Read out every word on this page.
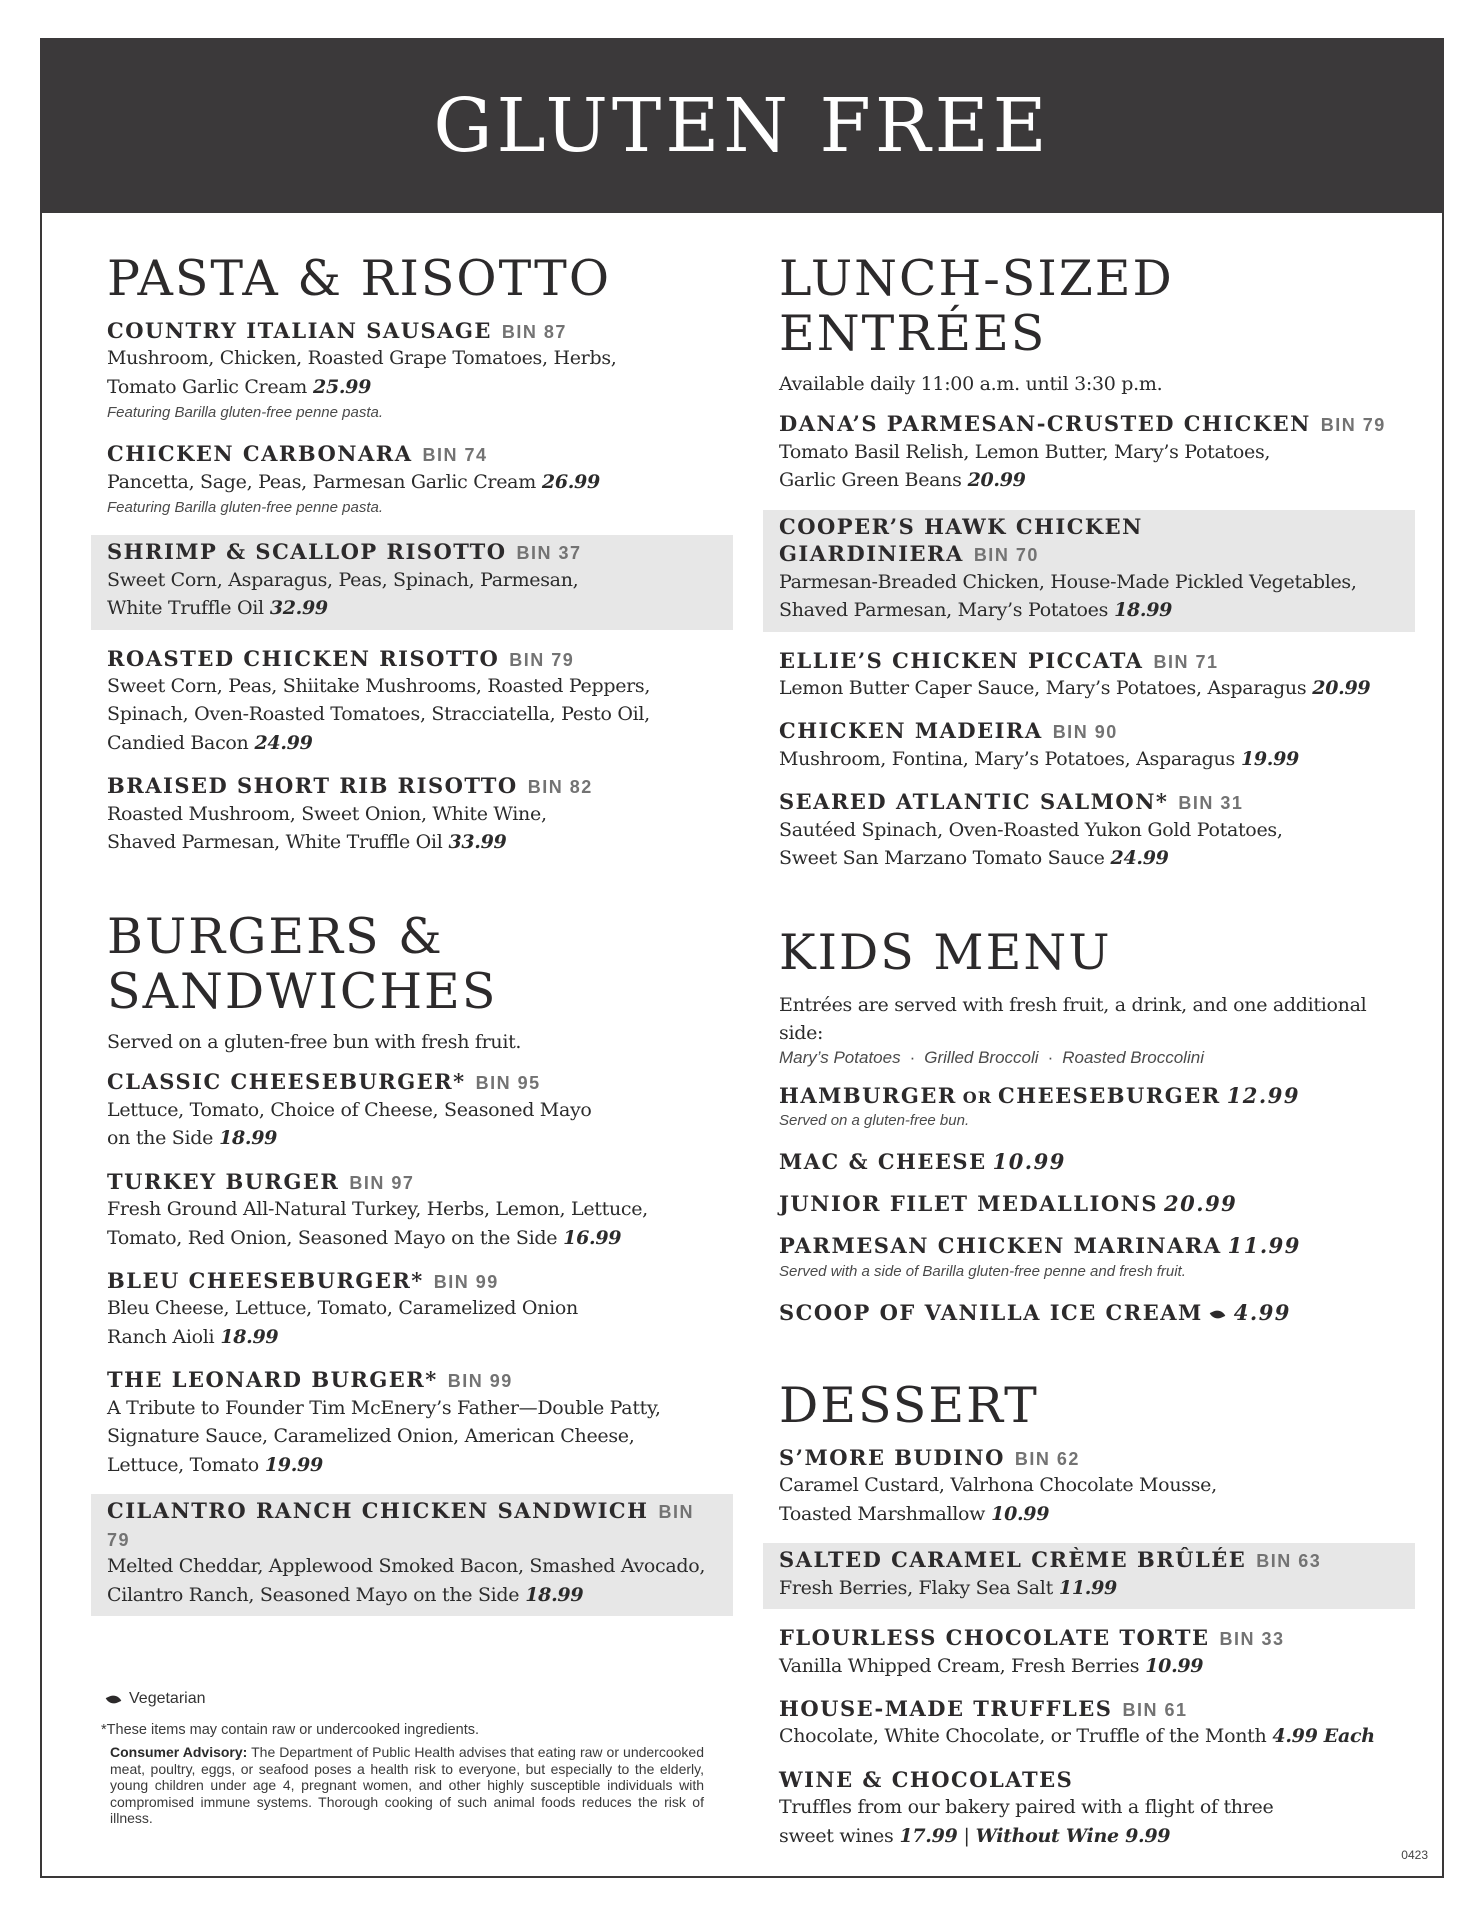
GLUTEN FREE
PASTA & RISOTTO
COUNTRY ITALIAN SAUSAGE BIN 87
Mushroom, Chicken, Roasted Grape Tomatoes, Herbs,
Tomato Garlic Cream 25.99
Featuring Barilla gluten-free penne pasta.
CHICKEN CARBONARA BIN 74
Pancetta, Sage, Peas, Parmesan Garlic Cream 26.99
Featuring Barilla gluten-free penne pasta.
SHRIMP & SCALLOP RISOTTO BIN 37
Sweet Corn, Asparagus, Peas, Spinach, Parmesan,
White Truffle Oil 32.99
ROASTED CHICKEN RISOTTO BIN 79
Sweet Corn, Peas, Shiitake Mushrooms, Roasted Peppers,
Spinach, Oven-Roasted Tomatoes, Stracciatella, Pesto Oil,
Candied Bacon 24.99
BRAISED SHORT RIB RISOTTO BIN 82
Roasted Mushroom, Sweet Onion, White Wine,
Shaved Parmesan, White Truffle Oil 33.99
BURGERS &
SANDWICHES
Served on a gluten-free bun with fresh fruit.
CLASSIC CHEESEBURGER* BIN 95
Lettuce, Tomato, Choice of Cheese, Seasoned Mayo
on the Side 18.99
TURKEY BURGER BIN 97
Fresh Ground All-Natural Turkey, Herbs, Lemon, Lettuce,
Tomato, Red Onion, Seasoned Mayo on the Side 16.99
BLEU CHEESEBURGER* BIN 99
Bleu Cheese, Lettuce, Tomato, Caramelized Onion
Ranch Aioli 18.99
THE LEONARD BURGER* BIN 99
A Tribute to Founder Tim McEnery’s Father—Double Patty,
Signature Sauce, Caramelized Onion, American Cheese,
Lettuce, Tomato 19.99
CILANTRO RANCH CHICKEN SANDWICH BIN 79
Melted Cheddar, Applewood Smoked Bacon, Smashed Avocado,
Cilantro Ranch, Seasoned Mayo on the Side 18.99
LUNCH-SIZED ENTRÉES
Available daily 11:00 a.m. until 3:30 p.m.
DANA’S PARMESAN-CRUSTED CHICKEN BIN 79
Tomato Basil Relish, Lemon Butter, Mary’s Potatoes,
Garlic Green Beans 20.99
COOPER’S HAWK CHICKEN
GIARDINIERA BIN 70
Parmesan-Breaded Chicken, House-Made Pickled Vegetables,
Shaved Parmesan, Mary’s Potatoes 18.99
ELLIE’S CHICKEN PICCATA BIN 71
Lemon Butter Caper Sauce, Mary’s Potatoes, Asparagus 20.99
CHICKEN MADEIRA BIN 90
Mushroom, Fontina, Mary’s Potatoes, Asparagus 19.99
SEARED ATLANTIC SALMON* BIN 31
Sautéed Spinach, Oven-Roasted Yukon Gold Potatoes,
Sweet San Marzano Tomato Sauce 24.99
KIDS MENU
Entrées are served with fresh fruit, a drink, and one additional side:
Mary’s Potatoes · Grilled Broccoli · Roasted Broccolini
HAMBURGER OR CHEESEBURGER 12.99
Served on a gluten-free bun.
MAC & CHEESE 10.99
JUNIOR FILET MEDALLIONS 20.99
PARMESAN CHICKEN MARINARA 11.99
Served with a side of Barilla gluten-free penne and fresh fruit.
SCOOP OF VANILLA ICE CREAM 4.99
DESSERT
S’MORE BUDINO BIN 62
Caramel Custard, Valrhona Chocolate Mousse,
Toasted Marshmallow 10.99
SALTED CARAMEL CRÈME BRÛLÉE BIN 63
Fresh Berries, Flaky Sea Salt 11.99
FLOURLESS CHOCOLATE TORTE BIN 33
Vanilla Whipped Cream, Fresh Berries 10.99
HOUSE-MADE TRUFFLES BIN 61
Chocolate, White Chocolate, or Truffle of the Month 4.99 Each
WINE & CHOCOLATES
Truffles from our bakery paired with a flight of three
sweet wines 17.99 | Without Wine 9.99
Vegetarian
*These items may contain raw or undercooked ingredients.
Consumer Advisory: The Department of Public Health advises that eating raw or undercooked meat, poultry, eggs, or seafood poses a health risk to everyone, but especially to the elderly, young children under age 4, pregnant women, and other highly susceptible individuals with compromised immune systems. Thorough cooking of such animal foods reduces the risk of illness.
0423
